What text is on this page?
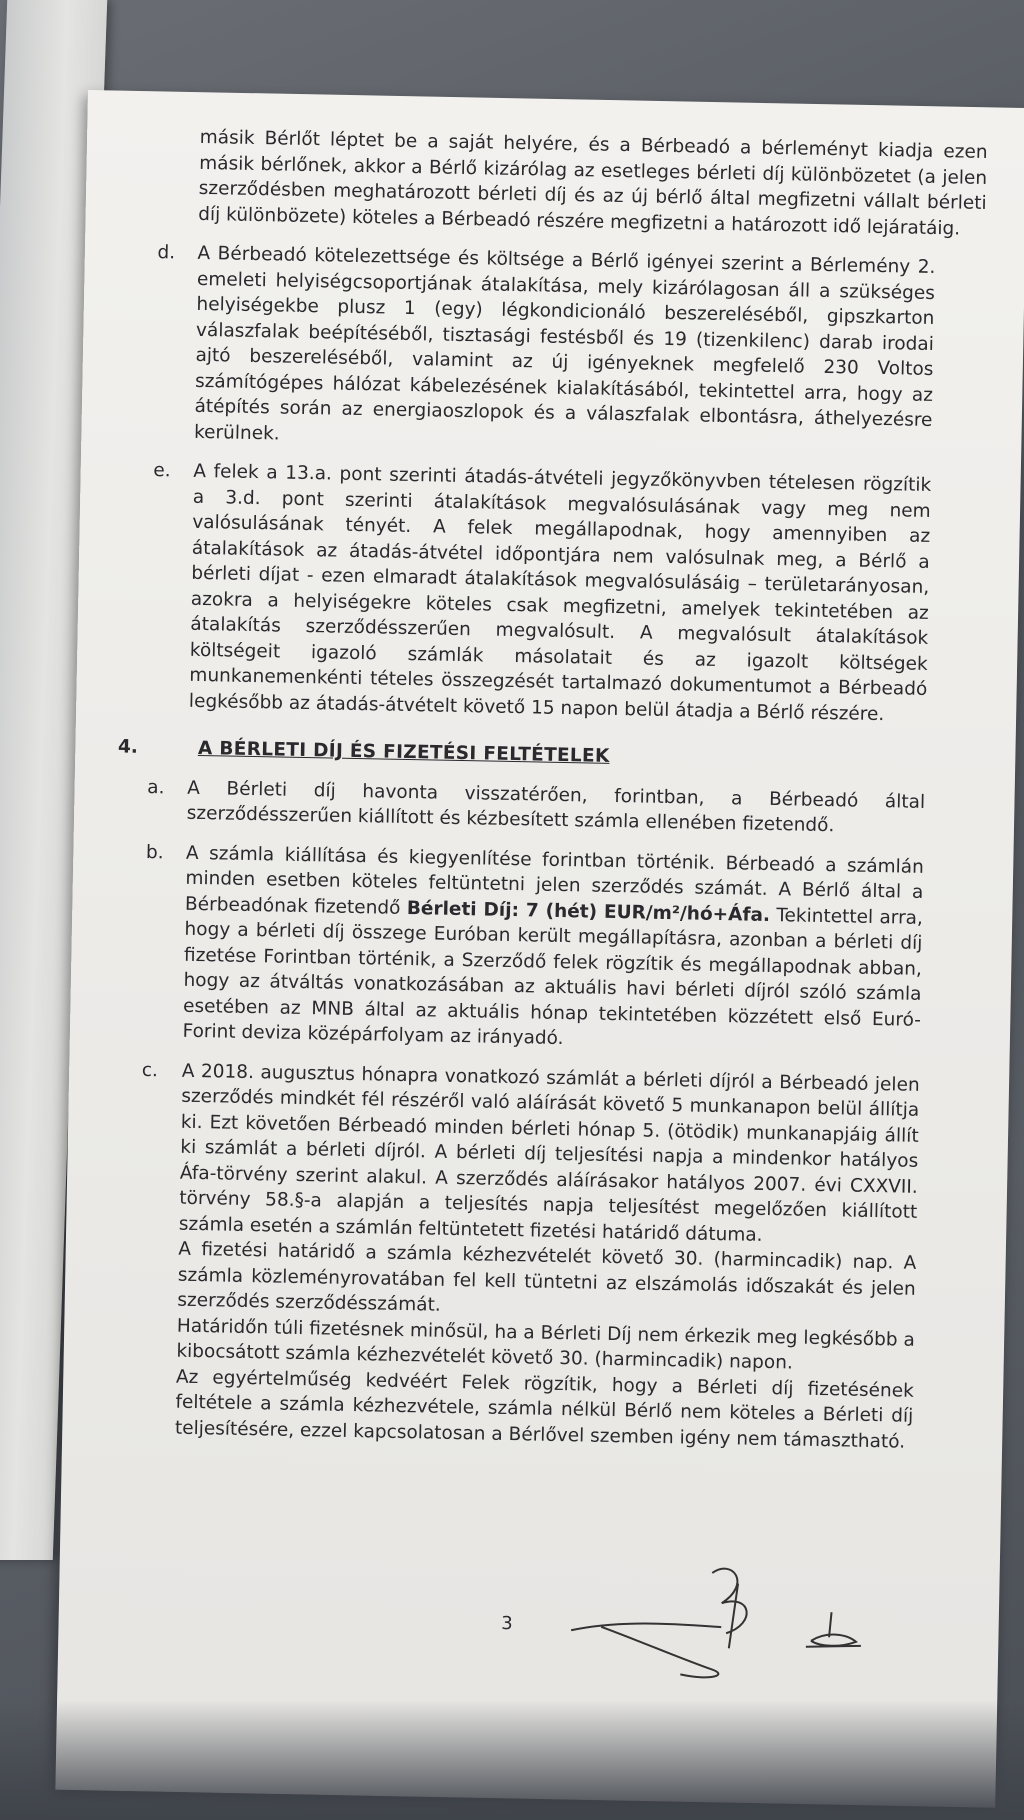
másik Bérlőt léptet be a saját helyére, és a Bérbeadó a bérleményt kiadja ezen másik bérlőnek, akkor a Bérlő kizárólag az esetleges bérleti díj különbözetet (a jelen szerződésben meghatározott bérleti díj és az új bérlő által megfizetni vállalt bérleti díj különbözete) köteles a Bérbeadó részére megfizetni a határozott idő lejáratáig.
d.	A Bérbeadó kötelezettsége és költsége a Bérlő igényei szerint a Bérlemény 2. emeleti helyiségcsoportjának átalakítása, mely kizárólagosan áll a szükséges helyiségekbe plusz 1 (egy) légkondicionáló beszereléséből, gipszkarton válaszfalak beépítéséből, tisztasági festésből és 19 (tizenkilenc) darab irodai ajtó beszereléséből, valamint az új igényeknek megfelelő 230 Voltos számítógépes hálózat kábelezésének kialakításából, tekintettel arra, hogy az átépítés során az energiaoszlopok és a válaszfalak elbontásra, áthelyezésre kerülnek.
e.	A felek a 13.a. pont szerinti átadás-átvételi jegyzőkönyvben tételesen rögzítik a 3.d. pont szerinti átalakítások megvalósulásának vagy meg nem valósulásának tényét. A felek megállapodnak, hogy amennyiben az átalakítások az átadás-átvétel időpontjára nem valósulnak meg, a Bérlő a bérleti díjat - ezen elmaradt átalakítások megvalósulásáig – területarányosan, azokra a helyiségekre köteles csak megfizetni, amelyek tekintetében az átalakítás szerződésszerűen megvalósult. A megvalósult átalakítások költségeit igazoló számlák másolatait és az igazolt költségek munkanemenkénti tételes összegzését tartalmazó dokumentumot a Bérbeadó legkésőbb az átadás-átvételt követő 15 napon belül átadja a Bérlő részére.
4.	A BÉRLETI DÍJ ÉS FIZETÉSI FELTÉTELEK
a.	A Bérleti díj havonta visszatérően, forintban, a Bérbeadó által szerződésszerűen kiállított és kézbesített számla ellenében fizetendő.
b.	A számla kiállítása és kiegyenlítése forintban történik. Bérbeadó a számlán minden esetben köteles feltüntetni jelen szerződés számát. A Bérlő által a Bérbeadónak fizetendő Bérleti Díj: 7 (hét) EUR/m²/hó+Áfa. Tekintettel arra, hogy a bérleti díj összege Euróban került megállapításra, azonban a bérleti díj fizetése Forintban történik, a Szerződő felek rögzítik és megállapodnak abban, hogy az átváltás vonatkozásában az aktuális havi bérleti díjról szóló számla esetében az MNB által az aktuális hónap tekintetében közzétett első Euró-Forint deviza középárfolyam az irányadó.
c.	A 2018. augusztus hónapra vonatkozó számlát a bérleti díjról a Bérbeadó jelen szerződés mindkét fél részéről való aláírását követő 5 munkanapon belül állítja ki. Ezt követően Bérbeadó minden bérleti hónap 5. (ötödik) munkanapjáig állít ki számlát a bérleti díjról. A bérleti díj teljesítési napja a mindenkor hatályos Áfa-törvény szerint alakul. A szerződés aláírásakor hatályos 2007. évi CXXVII. törvény 58.§-a alapján a teljesítés napja teljesítést megelőzően kiállított számla esetén a számlán feltüntetett fizetési határidő dátuma.

A fizetési határidő a számla kézhezvételét követő 30. (harmincadik) nap. A számla közleményrovatában fel kell tüntetni az elszámolás időszakát és jelen szerződés szerződésszámát.

Határidőn túli fizetésnek minősül, ha a Bérleti Díj nem érkezik meg legkésőbb a kibocsátott számla kézhezvételét követő 30. (harmincadik) napon.

Az egyértelműség kedvéért Felek rögzítik, hogy a Bérleti díj fizetésének feltétele a számla kézhezvétele, számla nélkül Bérlő nem köteles a Bérleti díj teljesítésére, ezzel kapcsolatosan a Bérlővel szemben igény nem támasztható.

3
